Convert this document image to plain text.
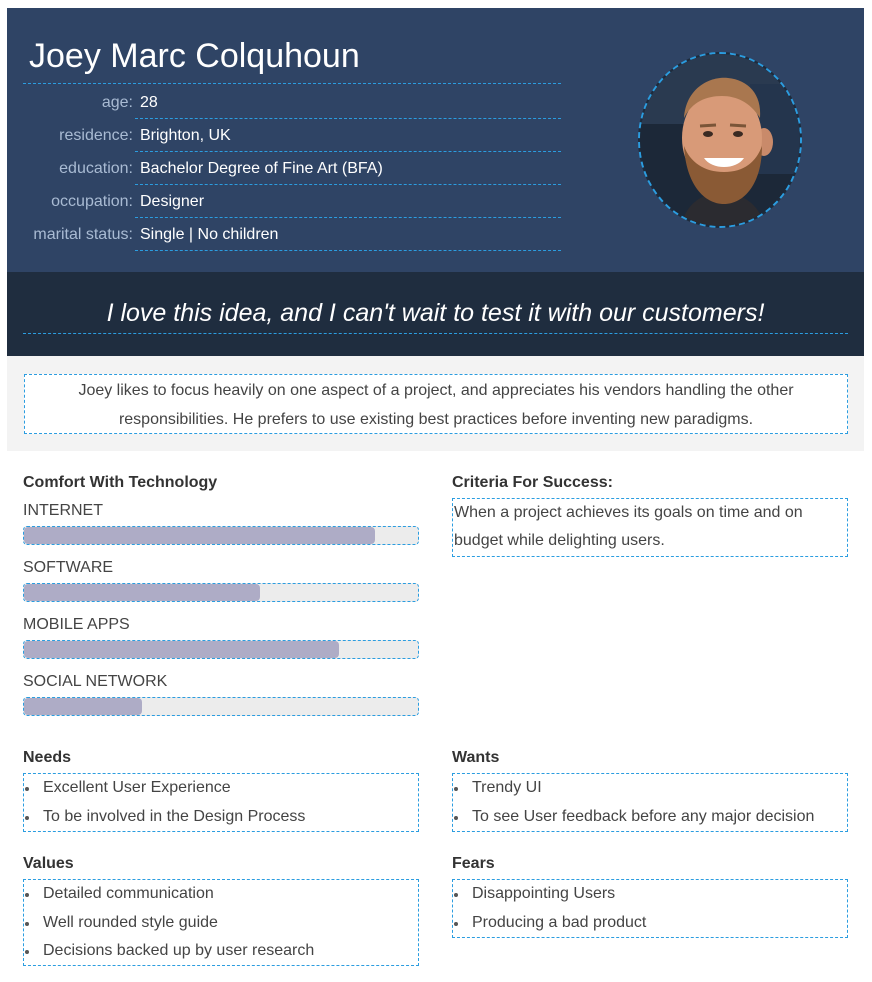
Joey Marc Colquhoun
age: 28
residence: Brighton, UK
education: Bachelor Degree of Fine Art (BFA)
occupation: Designer
marital status: Single | No children
I love this idea, and I can't wait to test it with our customers!
Joey likes to focus heavily on one aspect of a project, and appreciates his vendors handling the other responsibilities. He prefers to use existing best practices before inventing new paradigms.
Comfort With Technology
INTERNET
SOFTWARE
MOBILE APPS
SOCIAL NETWORK
Criteria For Success:
When a project achieves its goals on time and on budget while delighting users.
Needs
Excellent User Experience
To be involved in the Design Process
Wants
Trendy UI
To see User feedback before any major decision
Values
Detailed communication
Well rounded style guide
Decisions backed up by user research
Fears
Disappointing Users
Producing a bad product
